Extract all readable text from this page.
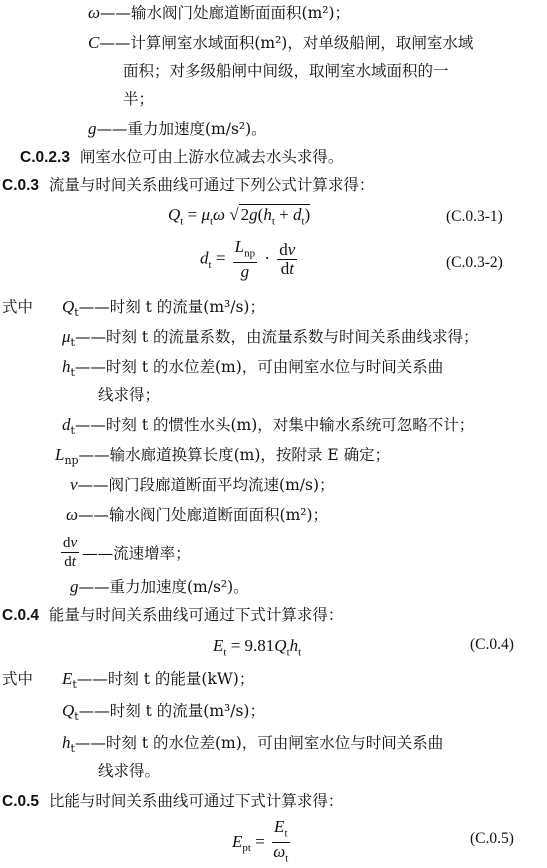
ω——输水阀门处廊道断面面积(m²)；
C——计算闸室水域面积(m²)，对单级船闸，取闸室水域
面积；对多级船闸中间级，取闸室水域面积的一
半；
g——重力加速度(m/s²)。
C.0.2.3 闸室水位可由上游水位减去水头求得。
C.0.3 流量与时间关系曲线可通过下列公式计算求得：
$Q_t = \mu_t\omega$ √ $2g(h_t + d_t)$	(C.0.3-1)
$d_t = \frac{L_{np}}{g} \cdot \frac{dv}{dt}$	(C.0.3-2)
式中 $Q_t——$时刻 t 的流量(m³/s)；
$\mu_t——$时刻 t 的流量系数，由流量系数与时间关系曲线求得；
$h_t——$时刻 t 的水位差(m)，可由闸室水位与时间关系曲
线求得；
$d_t——$时刻 t 的惯性水头(m)，对集中输水系统可忽略不计；
$L_{np}——$输水廊道换算长度(m)，按附录 E 确定；
v——阀门段廊道断面平均流速(m/s)；
ω——输水阀门处廊道断面面积(m²)；
$\frac{dv}{dt}$ ——流速增率；
g——重力加速度(m/s²)。
C.0.4 能量与时间关系曲线可通过下式计算求得：
$E_t = 9.81Q_th_t$	(C.0.4)
式中 $E_t——$时刻 t 的能量(kW)；
$Q_t——$时刻 t 的流量(m³/s)；
$h_t——$时刻 t 的水位差(m)，可由闸室水位与时间关系曲
线求得。
C.0.5 比能与时间关系曲线可通过下式计算求得：
$E_{pt} = \frac{E_t}{\omega_t}$	(C.0.5)
